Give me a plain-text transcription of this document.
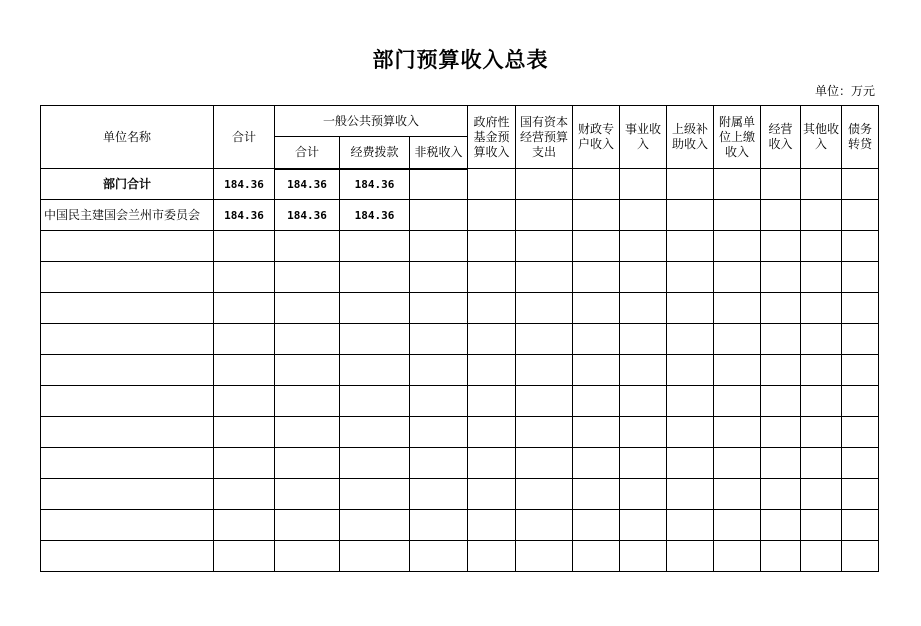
部门预算收入总表
单位：万元
单位名称	合计	一般公共预算收入			政府性基金预算收入	国有资本经营预算支出	财政专户收入	事业收入	上级补助收入	附属单位上缴收入	经营收入	其他收入	债务转贷
		合计	经费拨款	非税收入									
部门合计	184.36	184.36	184.36										
中国民主建国会兰州市委员会	184.36	184.36	184.36										
